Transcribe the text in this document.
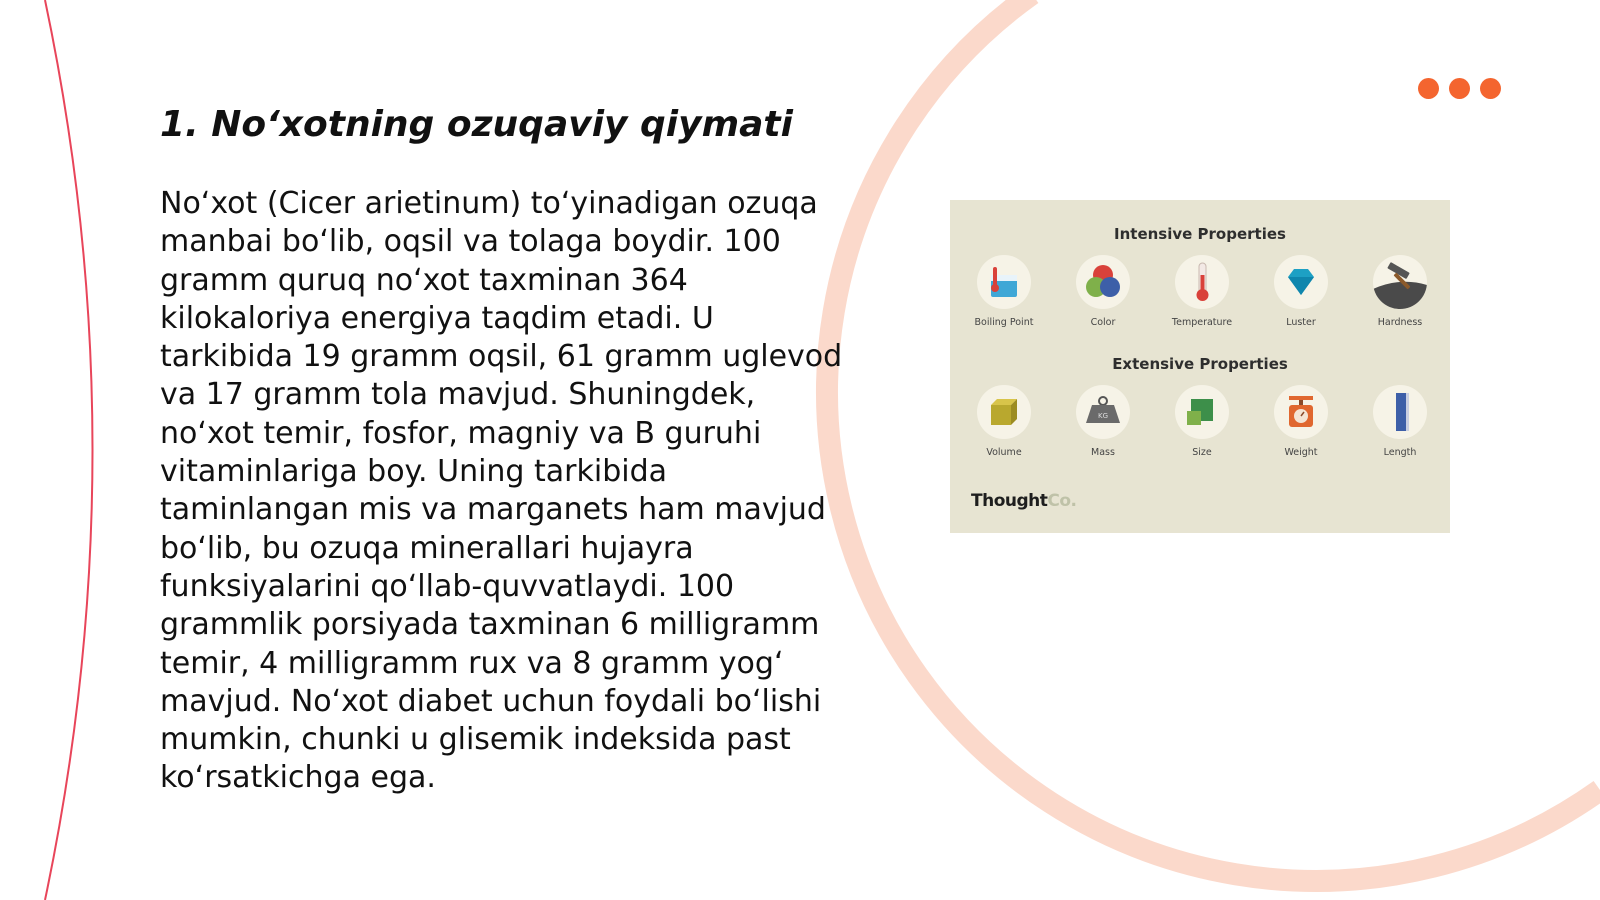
1. No‘xotning ozuqaviy qiymati

No‘xot (Cicer arietinum) to‘yinadigan ozuqa manbai bo‘lib, oqsil va tolaga boydir. 100 gramm quruq no‘xot taxminan 364 kilokaloriya energiya taqdim etadi. U tarkibida 19 gramm oqsil, 61 gramm uglevod va 17 gramm tola mavjud. Shuningdek, no‘xot temir, fosfor, magniy va B guruhi vitaminlariga boy. Uning tarkibida taminlangan mis va marganets ham mavjud bo‘lib, bu ozuqa minerallari hujayra funksiyalarini qo‘llab-quvvatlaydi. 100 grammlik porsiyada taxminan 6 milligramm temir, 4 milligramm rux va 8 gramm yog‘ mavjud. No‘xot diabet uchun foydali bo‘lishi mumkin, chunki u glisemik indeksida past ko‘rsatkichga ega.

Intensive Properties
Boiling Point	Color	Temperature	Luster	Hardness
Extensive Properties
Volume
KG
Mass	Size	Weight	Length
ThoughtCo.
